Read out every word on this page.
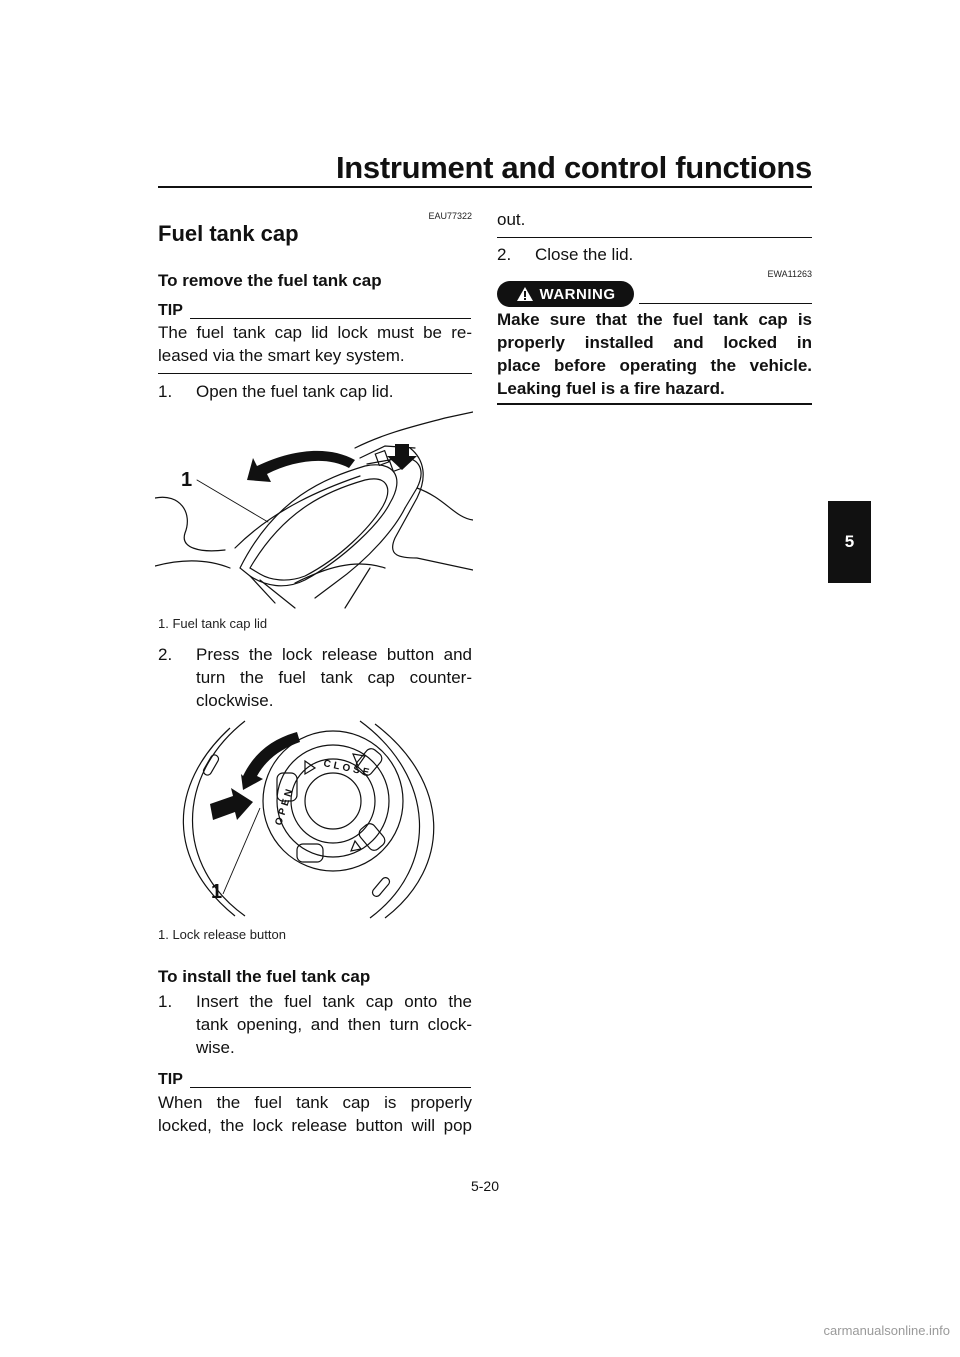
Instrument and control functions
5
EAU77322
Fuel tank cap
To remove the fuel tank cap
TIP
The fuel tank cap lid lock must be re-
leased via the smart key system.
1. Open the fuel tank cap lid.
1
1. Fuel tank cap lid
2. Press the lock release button and
turn the fuel tank cap counter-
clockwise.
CLOSE
OPEN
1
1. Lock release button
To install the fuel tank cap
1. Insert the fuel tank cap onto the
tank opening, and then turn clock-
wise.
TIP
When the fuel tank cap is properly
locked, the lock release button will pop
out.
2. Close the lid.
EWA11263
WARNING
Make sure that the fuel tank cap is
properly installed and locked in
place before operating the vehicle.
Leaking fuel is a fire hazard.
5-20
carmanualsonline.info
